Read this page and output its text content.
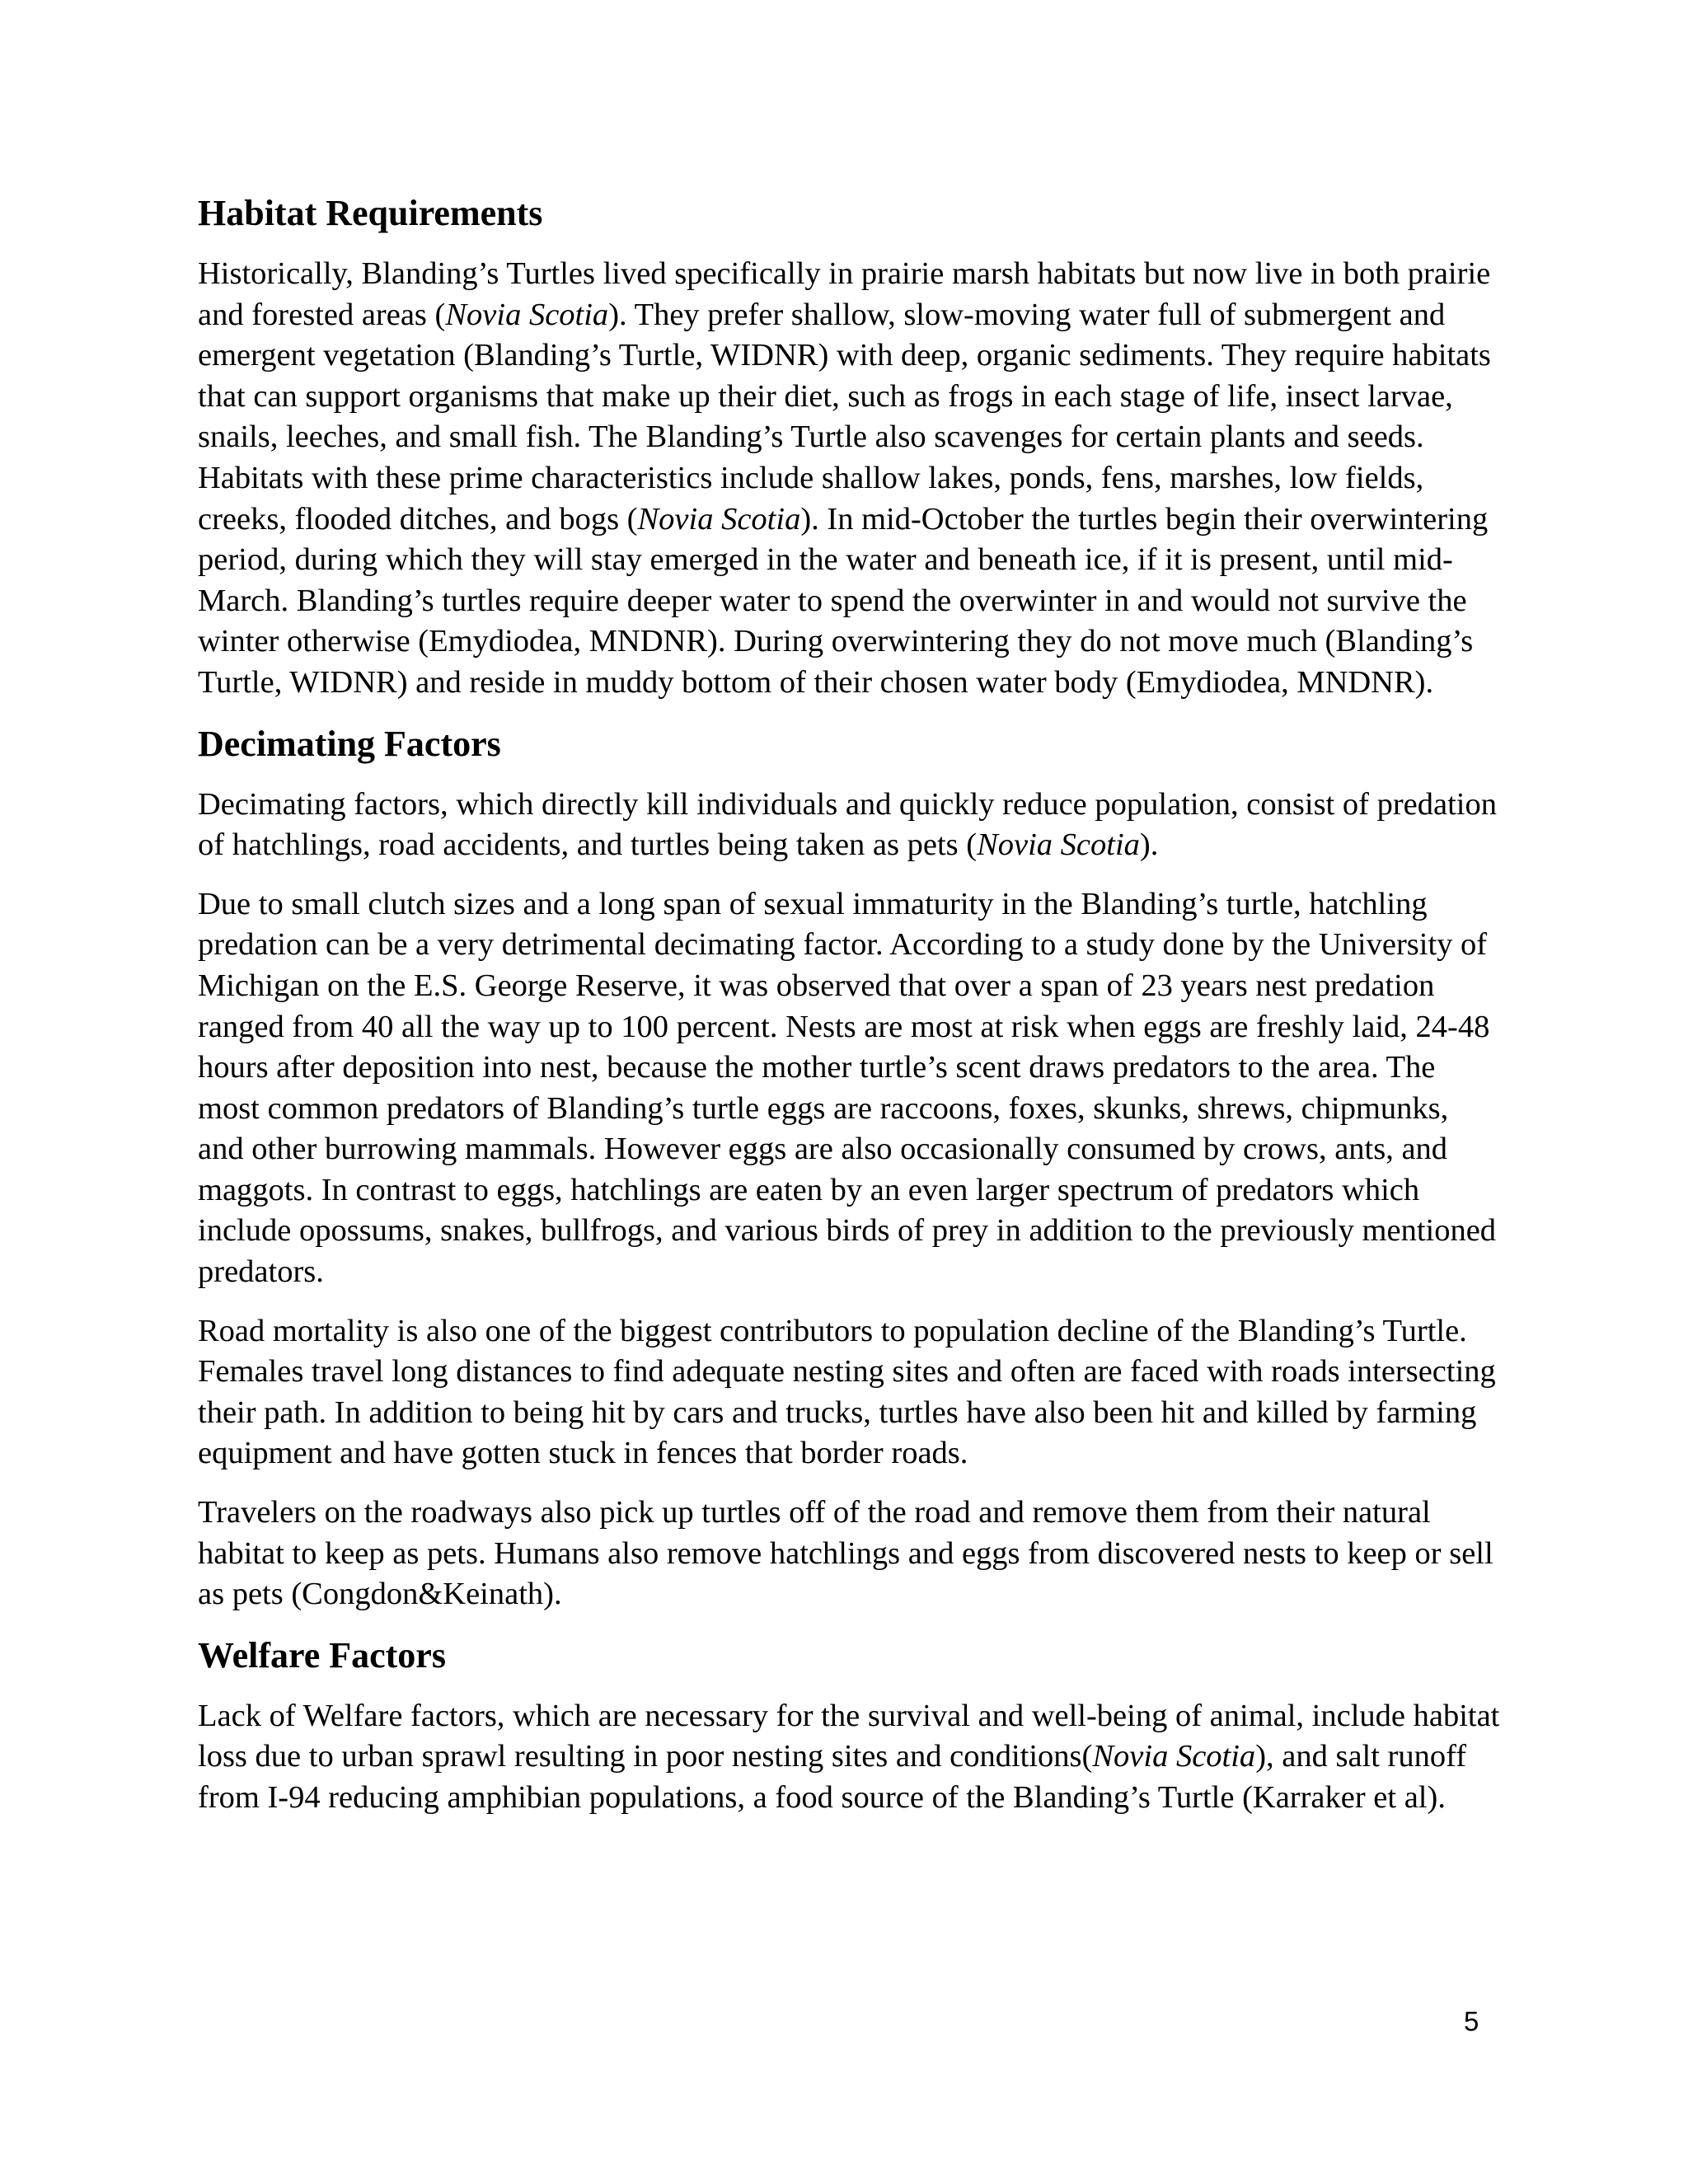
Habitat Requirements

Historically, Blanding’s Turtles lived specifically in prairie marsh habitats but now live in both prairie and forested areas (Novia Scotia). They prefer shallow, slow-moving water full of submergent and emergent vegetation (Blanding’s Turtle, WIDNR) with deep, organic sediments. They require habitats that can support organisms that make up their diet, such as frogs in each stage of life, insect larvae, snails, leeches, and small fish. The Blanding’s Turtle also scavenges for certain plants and seeds. Habitats with these prime characteristics include shallow lakes, ponds, fens, marshes, low fields, creeks, flooded ditches, and bogs (Novia Scotia). In mid-October the turtles begin their overwintering period, during which they will stay emerged in the water and beneath ice, if it is present, until mid-March. Blanding’s turtles require deeper water to spend the overwinter in and would not survive the winter otherwise (Emydiodea, MNDNR). During overwintering they do not move much (Blanding’s Turtle, WIDNR) and reside in muddy bottom of their chosen water body (Emydiodea, MNDNR).

Decimating Factors

Decimating factors, which directly kill individuals and quickly reduce population, consist of predation of hatchlings, road accidents, and turtles being taken as pets (Novia Scotia).

Due to small clutch sizes and a long span of sexual immaturity in the Blanding’s turtle, hatchling predation can be a very detrimental decimating factor. According to a study done by the University of Michigan on the E.S. George Reserve, it was observed that over a span of 23 years nest predation ranged from 40 all the way up to 100 percent. Nests are most at risk when eggs are freshly laid, 24-48 hours after deposition into nest, because the mother turtle’s scent draws predators to the area. The most common predators of Blanding’s turtle eggs are raccoons, foxes, skunks, shrews, chipmunks, and other burrowing mammals. However eggs are also occasionally consumed by crows, ants, and maggots. In contrast to eggs, hatchlings are eaten by an even larger spectrum of predators which include opossums, snakes, bullfrogs, and various birds of prey in addition to the previously mentioned predators.

Road mortality is also one of the biggest contributors to population decline of the Blanding’s Turtle. Females travel long distances to find adequate nesting sites and often are faced with roads intersecting their path. In addition to being hit by cars and trucks, turtles have also been hit and killed by farming equipment and have gotten stuck in fences that border roads.

Travelers on the roadways also pick up turtles off of the road and remove them from their natural habitat to keep as pets. Humans also remove hatchlings and eggs from discovered nests to keep or sell as pets (Congdon&Keinath).

Welfare Factors

Lack of Welfare factors, which are necessary for the survival and well-being of animal, include habitat loss due to urban sprawl resulting in poor nesting sites and conditions(Novia Scotia), and salt runoff from I-94 reducing amphibian populations, a food source of the Blanding’s Turtle (Karraker et al).

5
